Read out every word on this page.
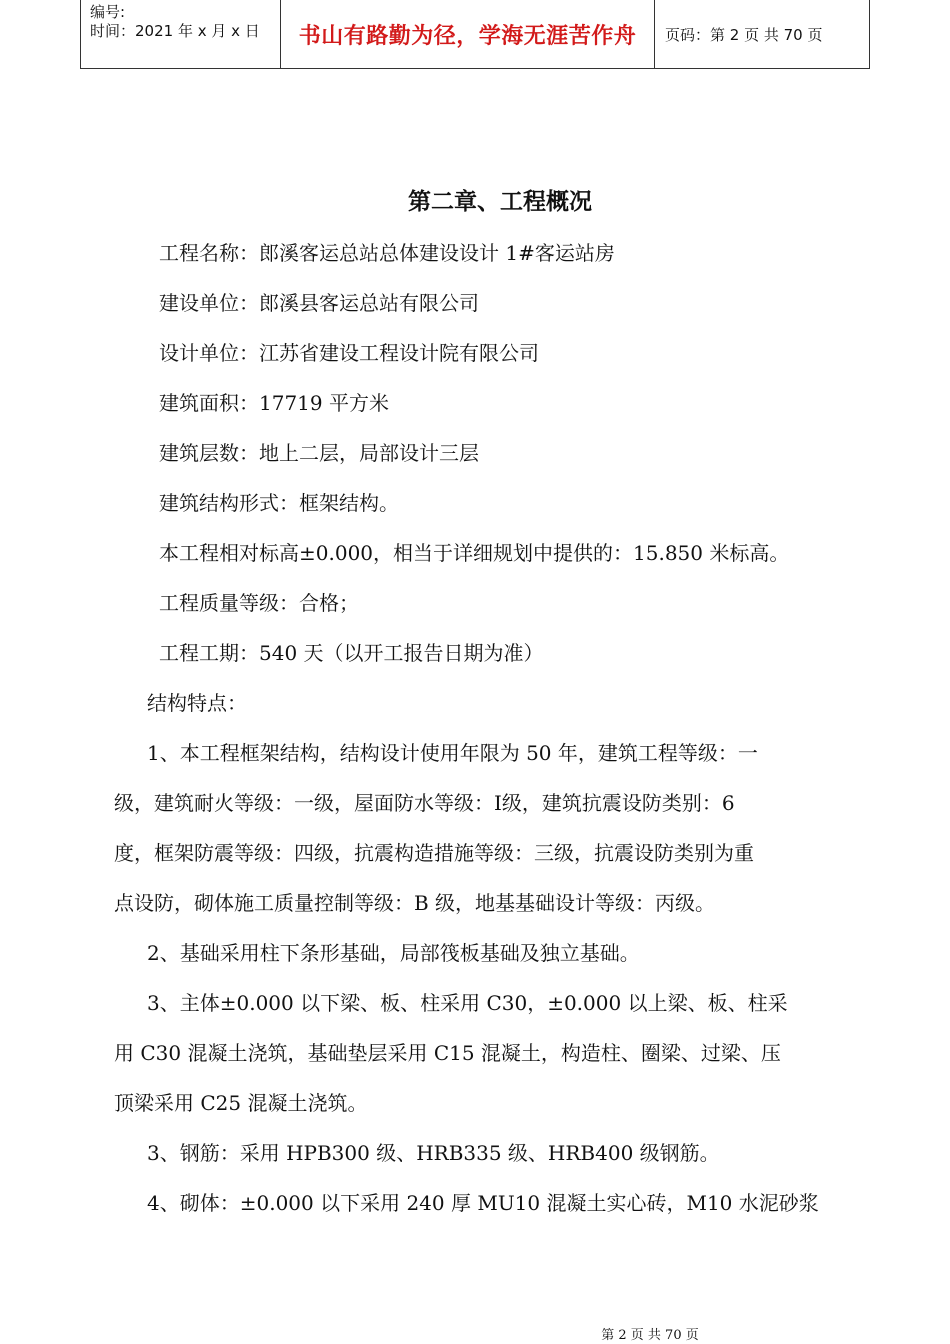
编号:
时间：2021 年 x 月 x 日	书山有路勤为径，学海无涯苦作舟	页码：第 2 页 共 70 页
第二章、工程概况
工程名称：郎溪客运总站总体建设设计 1#客运站房
建设单位：郎溪县客运总站有限公司
设计单位：江苏省建设工程设计院有限公司
建筑面积：17719 平方米
建筑层数：地上二层，局部设计三层
建筑结构形式：框架结构。
本工程相对标高±0.000，相当于详细规划中提供的：15.850 米标高。
工程质量等级：合格；
工程工期：540 天（以开工报告日期为准）
结构特点：
1、本工程框架结构，结构设计使用年限为 50 年，建筑工程等级：一
级，建筑耐火等级：一级，屋面防水等级：Ⅰ级，建筑抗震设防类别：6
度，框架防震等级：四级，抗震构造措施等级：三级，抗震设防类别为重
点设防，砌体施工质量控制等级：B 级，地基基础设计等级：丙级。
2、基础采用柱下条形基础，局部筏板基础及独立基础。
3、主体±0.000 以下梁、板、柱采用 C30，±0.000 以上梁、板、柱采
用 C30 混凝土浇筑，基础垫层采用 C15 混凝土，构造柱、圈梁、过梁、压
顶梁采用 C25 混凝土浇筑。
3、钢筋：采用 HPB300 级、HRB335 级、HRB400 级钢筋。
4、砌体：±0.000 以下采用 240 厚 MU10 混凝土实心砖，M10 水泥砂浆
第 2 页 共 70 页
